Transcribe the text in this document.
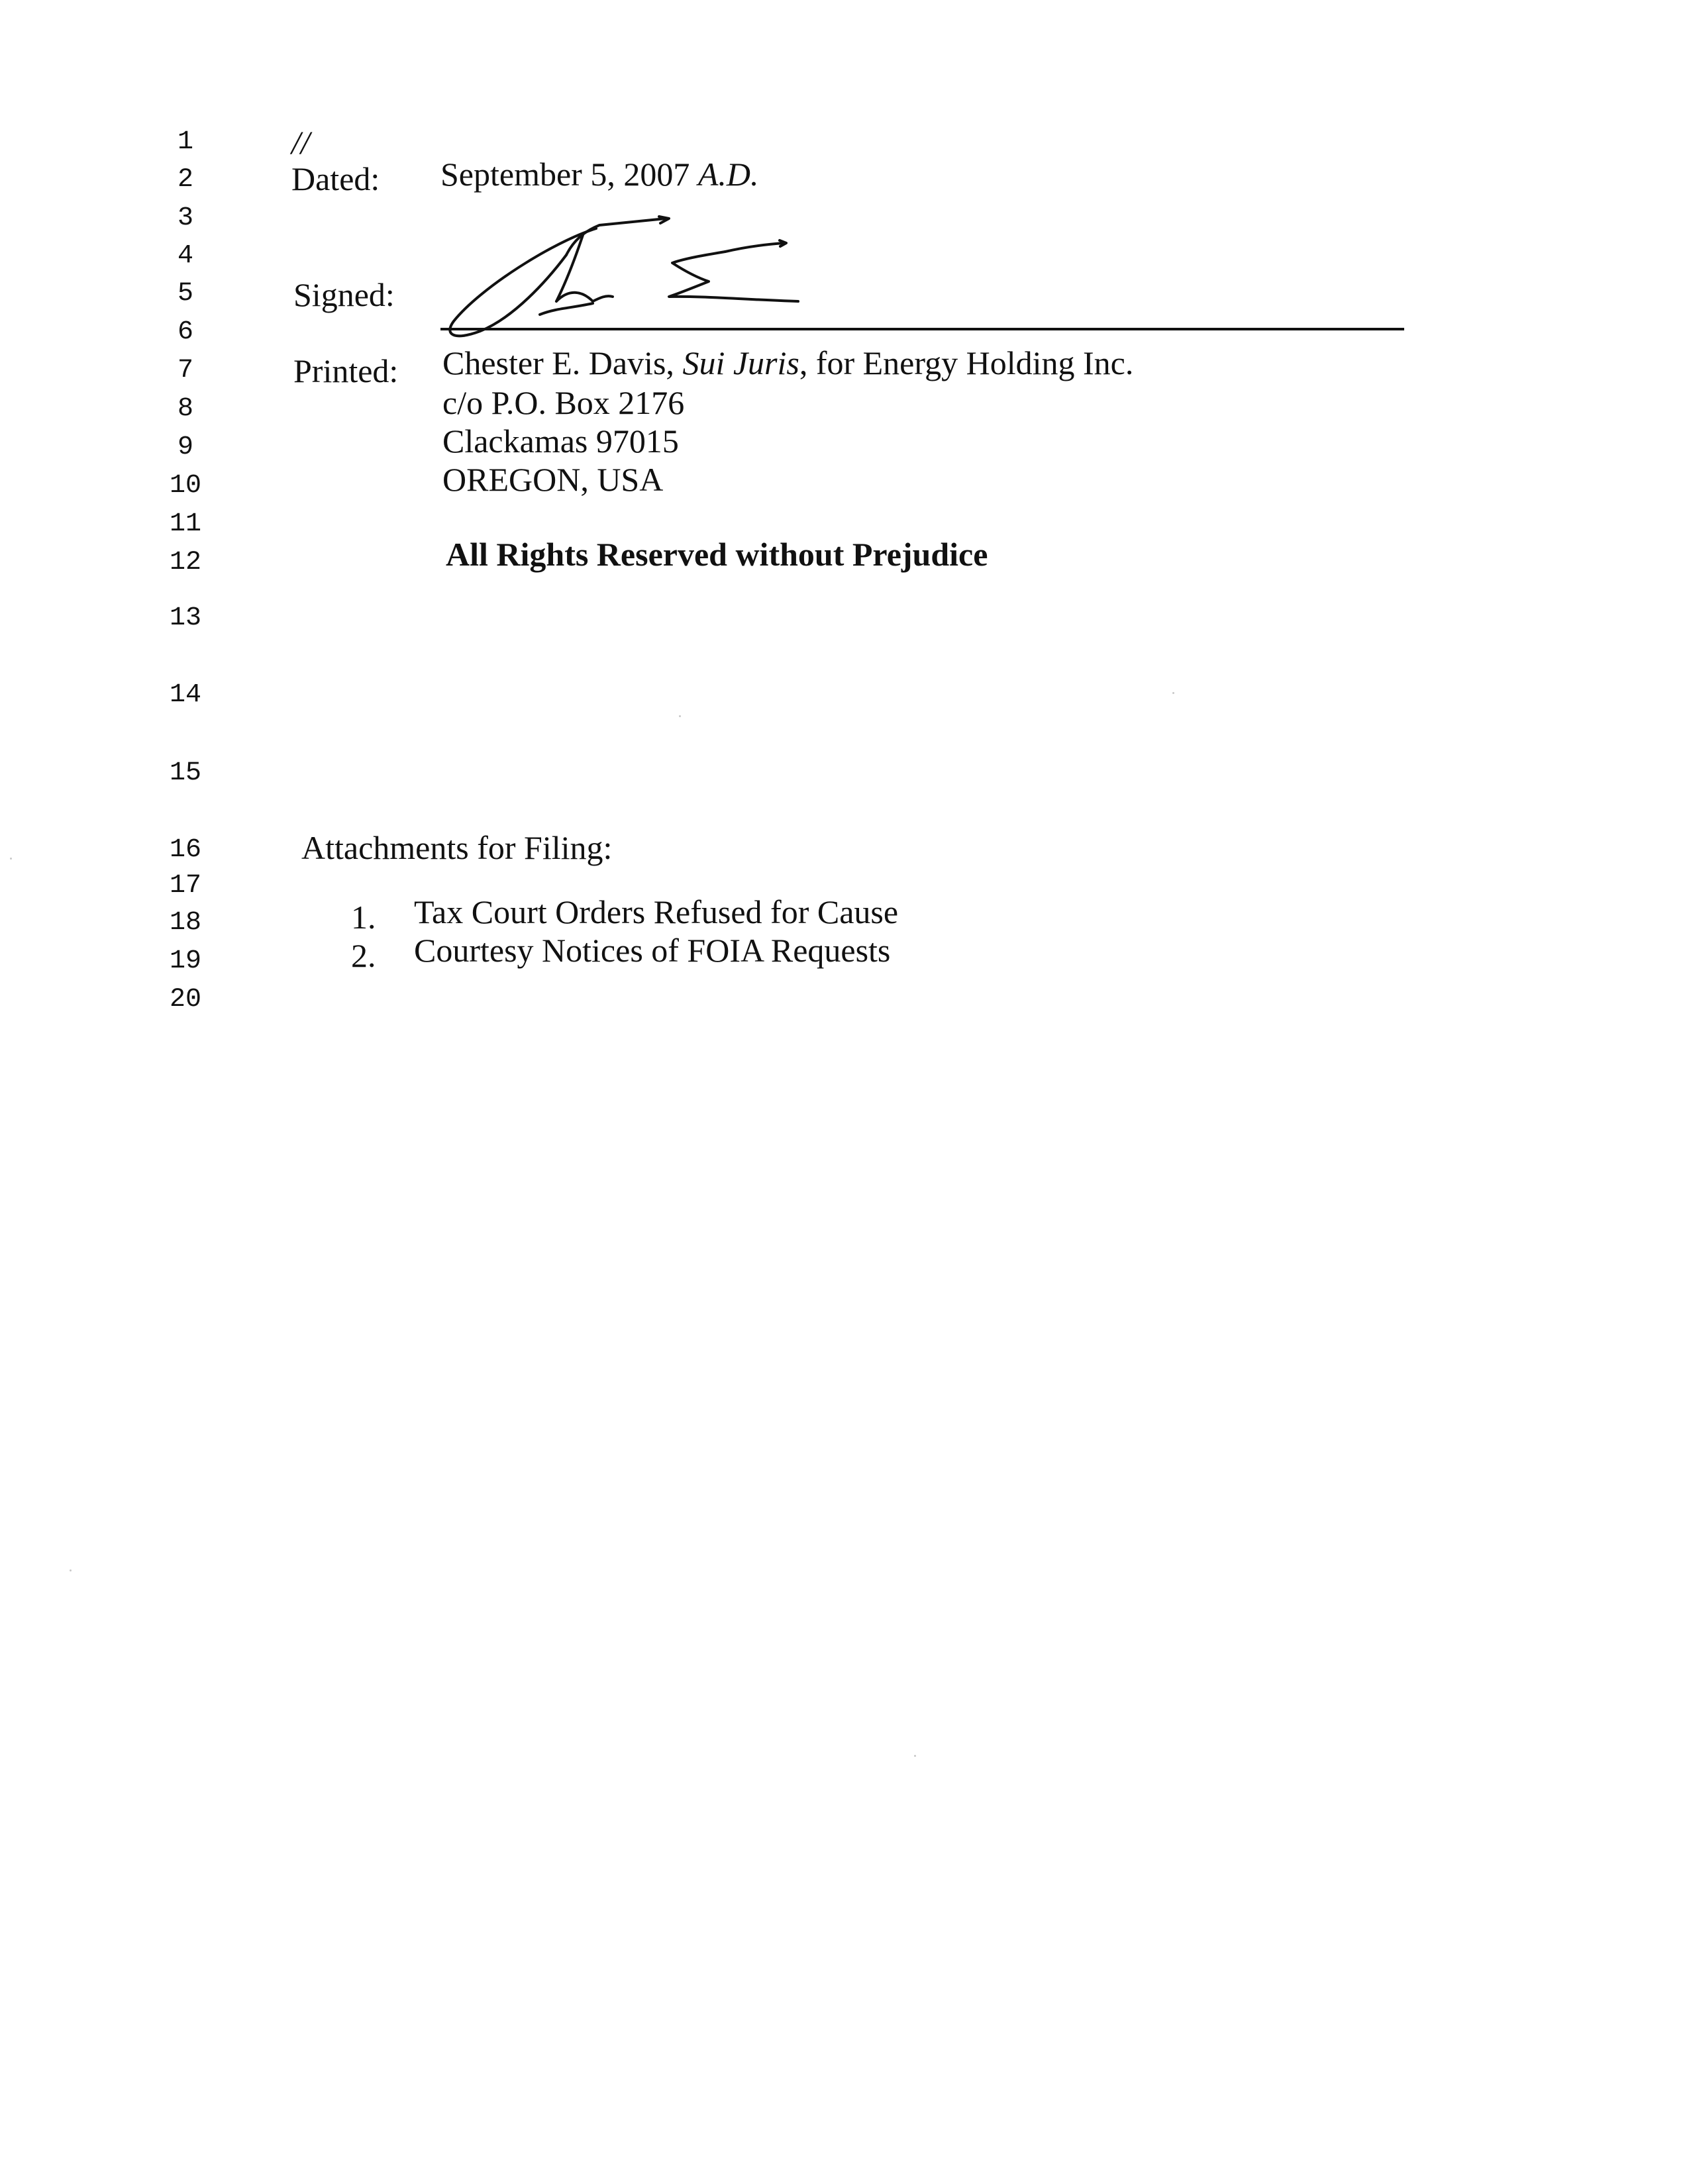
1
2
3
4
5
6
7
8
9
10
11
12
13
14
15
16
17
18
19
20
//
Dated: September 5, 2007 A.D.
Signed:
Printed: Chester E. Davis, Sui Juris, for Energy Holding Inc.
c/o P.O. Box 2176
Clackamas 97015
OREGON, USA
All Rights Reserved without Prejudice
Attachments for Filing:
1. Tax Court Orders Refused for Cause
2. Courtesy Notices of FOIA Requests
